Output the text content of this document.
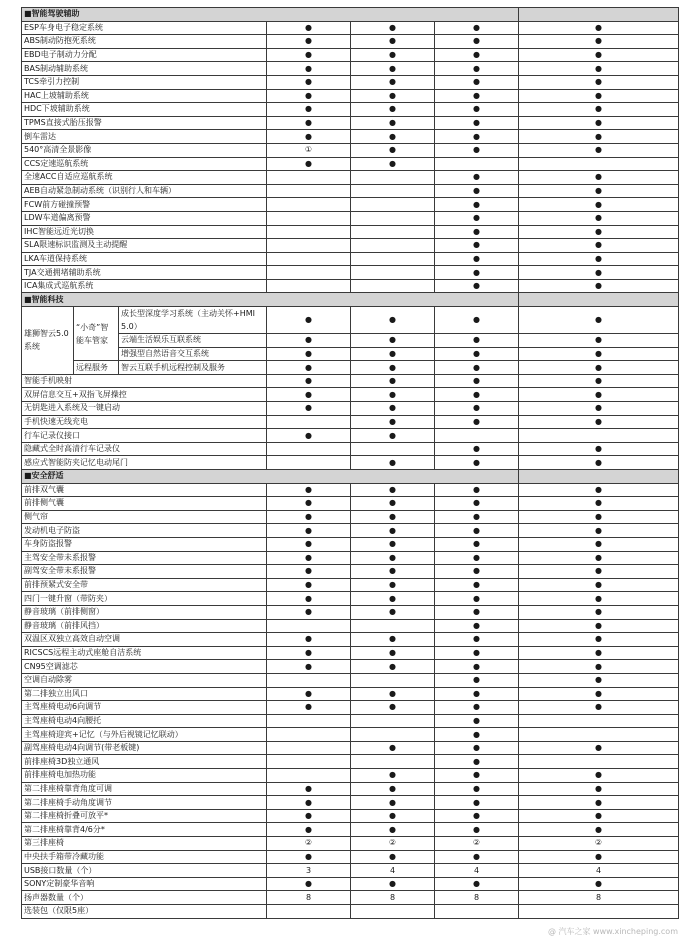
■智能驾驶辅助						
ESP车身电子稳定系统			●	●	●	●
ABS制动防抱死系统			●	●	●	●
EBD电子制动力分配			●	●	●	●
BAS制动辅助系统			●	●	●	●
TCS牵引力控制			●	●	●	●
HAC上坡辅助系统			●	●	●	●
HDC下坡辅助系统			●	●	●	●
TPMS直接式胎压报警			●	●	●	●
倒车雷达			●	●	●	●
540°高清全景影像			①	●	●	●
CCS定速巡航系统			●	●		
全速ACC自适应巡航系统					●	●
AEB自动紧急制动系统（识别行人和车辆）					●	●
FCW前方碰撞预警					●	●
LDW车道偏离预警					●	●
IHC智能远近光切换					●	●
SLA限速标识监测及主动提醒					●	●
LKA车道保持系统					●	●
TJA交通拥堵辅助系统					●	●
ICA集成式巡航系统					●	●
■智能科技						
雄狮智云5.0系统	“小奇”智能车管家	成长型深度学习系统（主动关怀+HMI 5.0）	●	●	●	●
		云端生活娱乐互联系统	●	●	●	●
		增强型自然语音交互系统	●	●	●	●
	远程服务	智云互联手机远程控制及服务	●	●	●	●
智能手机映射			●	●	●	●
双屏信息交互+双指飞屏操控			●	●	●	●
无钥匙进入系统及一键启动			●	●	●	●
手机快速无线充电				●	●	●
行车记录仪接口			●	●		
隐藏式全时高清行车记录仪					●	●
感应式智能防夹记忆电动尾门				●	●	●
■安全舒适						
前排双气囊			●	●	●	●
前排侧气囊			●	●	●	●
侧气帘			●	●	●	●
发动机电子防盗			●	●	●	●
车身防盗报警			●	●	●	●
主驾安全带未系报警			●	●	●	●
副驾安全带未系报警			●	●	●	●
前排预紧式安全带			●	●	●	●
四门一键升窗（带防夹）			●	●	●	●
静音玻璃（前排侧窗）			●	●	●	●
静音玻璃（前排风挡）					●	●
双温区双独立高效自动空调			●	●	●	●
RICSCS远程主动式座舱自洁系统			●	●	●	●
CN95空调滤芯			●	●	●	●
空调自动除雾					●	●
第二排独立出风口			●	●	●	●
主驾座椅电动6向调节			●	●	●	●
主驾座椅电动4向腰托					●	
主驾座椅迎宾+记忆（与外后视镜记忆联动）					●	
副驾座椅电动4向调节(带老板键)				●	●	●
前排座椅3D独立通风					●	
前排座椅电加热功能				●	●	●
第二排座椅靠背角度可调			●	●	●	●
第二排座椅手动角度调节			●	●	●	●
第二排座椅折叠可放平*			●	●	●	●
第二排座椅靠背4/6分*			●	●	●	●
第三排座椅			②	②	②	②
中央扶手箱带冷藏功能			●	●	●	●
USB接口数量（个）			3	4	4	4
SONY定制豪华音响			●	●	●	●
扬声器数量（个）			8	8	8	8
选装包（仅限5座）						
@ 汽车之家 www.xincheping.com
